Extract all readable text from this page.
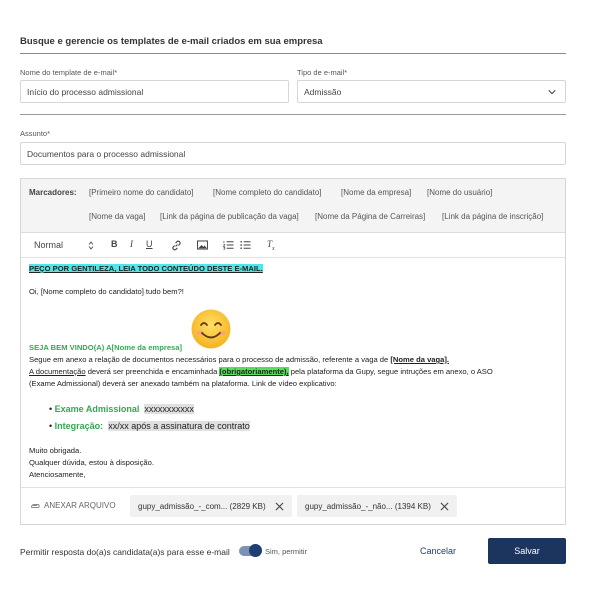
Busque e gerencie os templates de e-mail criados em sua empresa
Nome do template de e-mail*
Início do processo admissional	Tipo de e-mail*
Admissão
Assunto*
Documentos para o processo admissional
Marcadores: [Primeiro nome do candidato] [Nome completo do candidato] [Nome da empresa] [Nome do usuário]
[Nome da vaga] [Link da página de publicação da vaga] [Nome da Página de Carreiras] [Link da página de inscrição]
Normal	B I U	$T_x$
PEÇO POR GENTILEZA, LEIA TODO CONTEÚDO DESTE E-MAIL.
Oi, [Nome completo do candidato] tudo bem?!
SEJA BEM VINDO(A) A[Nome da empresa]
Segue em anexo a relação de documentos necessários para o processo de admissão, referente a vaga de [Nome da vaga].
A documentação deverá ser preenchida e encaminhada (obrigatoriamente), pela plataforma da Gupy, segue intruções em anexo, o ASO
(Exame Admissional) deverá ser anexado também na plataforma. Link de vídeo explicativo:
• Exame Admissional xxxxxxxxxxx
• Integração: xx/xx após a assinatura de contrato
Muito obrigada.
Qualquer dúvida, estou à disposição.
Atenciosamente,
ANEXAR ARQUIVO	gupy_admissão_-_com... (2829 KB)	gupy_admissão_-_não... (1394 KB)
Permitir resposta do(a)s candidata(a)s para esse e-mail	Sim, permitir	Cancelar	Salvar
